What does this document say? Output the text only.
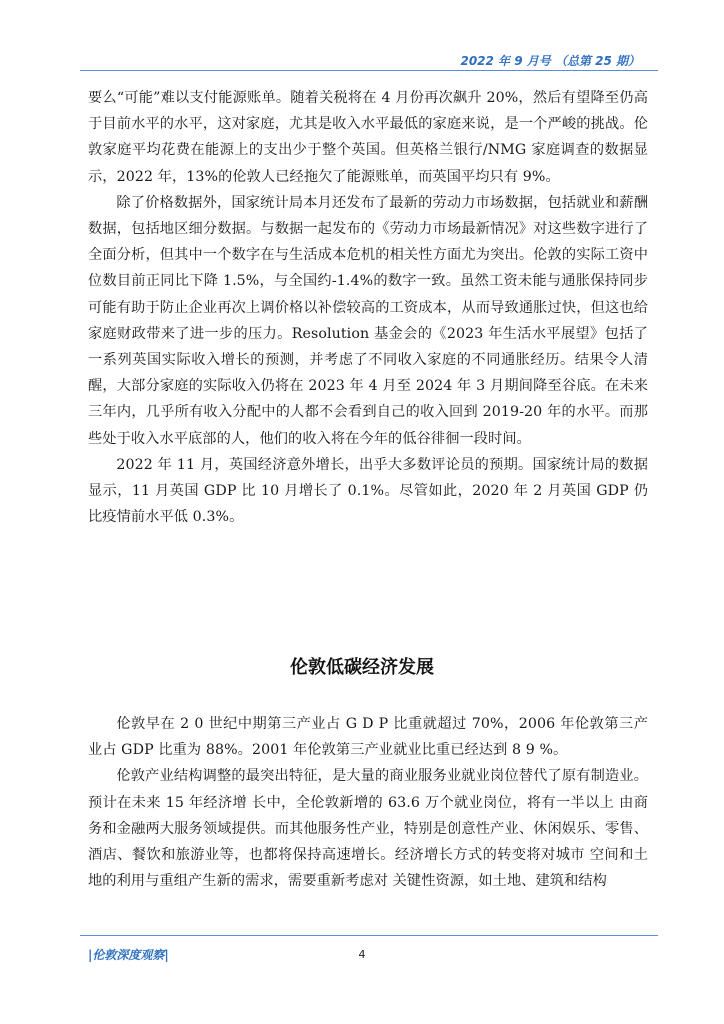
2022 年 9 月号 （总第 25 期）

要么“可能”难以支付能源账单。随着关税将在 4 月份再次飙升 20%，然后有望降至仍高于目前水平的水平，这对家庭，尤其是收入水平最低的家庭来说，是一个严峻的挑战。伦敦家庭平均花费在能源上的支出少于整个英国。但英格兰银行/NMG 家庭调查的数据显示，2022 年，13%的伦敦人已经拖欠了能源账单，而英国平均只有 9%。

除了价格数据外，国家统计局本月还发布了最新的劳动力市场数据，包括就业和薪酬数据，包括地区细分数据。与数据一起发布的《劳动力市场最新情况》对这些数字进行了全面分析，但其中一个数字在与生活成本危机的相关性方面尤为突出。伦敦的实际工资中位数目前正同比下降 1.5%，与全国约-1.4%的数字一致。虽然工资未能与通胀保持同步可能有助于防止企业再次上调价格以补偿较高的工资成本，从而导致通胀过快，但这也给家庭财政带来了进一步的压力。Resolution 基金会的《2023 年生活水平展望》包括了一系列英国实际收入增长的预测，并考虑了不同收入家庭的不同通胀经历。结果令人清醒，大部分家庭的实际收入仍将在 2023 年 4 月至 2024 年 3 月期间降至谷底。在未来三年内，几乎所有收入分配中的人都不会看到自己的收入回到 2019-20 年的水平。而那些处于收入水平底部的人，他们的收入将在今年的低谷徘徊一段时间。

2022 年 11 月，英国经济意外增长，出乎大多数评论员的预期。国家统计局的数据显示，11 月英国 GDP 比 10 月增长了 0.1%。尽管如此，2020 年 2 月英国 GDP 仍比疫情前水平低 0.3%。

伦敦低碳经济发展

伦敦早在 2 0 世纪中期第三产业占 G D P 比重就超过 70%，2006 年伦敦第三产业占 GDP 比重为 88%。2001 年伦敦第三产业就业比重已经达到 8 9 %。

伦敦产业结构调整的最突出特征，是大量的商业服务业就业岗位替代了原有制造业。预计在未来 15 年经济增 长中，全伦敦新增的 63.6 万个就业岗位，将有一半以上 由商务和金融两大服务领域提供。而其他服务性产业，特别是创意性产业、休闲娱乐、零售、酒店、餐饮和旅游业等，也都将保持高速增长。经济增长方式的转变将对城市 空间和土地的利用与重组产生新的需求，需要重新考虑对 关键性资源，如土地、建筑和结构

|伦敦深度观察|	4
